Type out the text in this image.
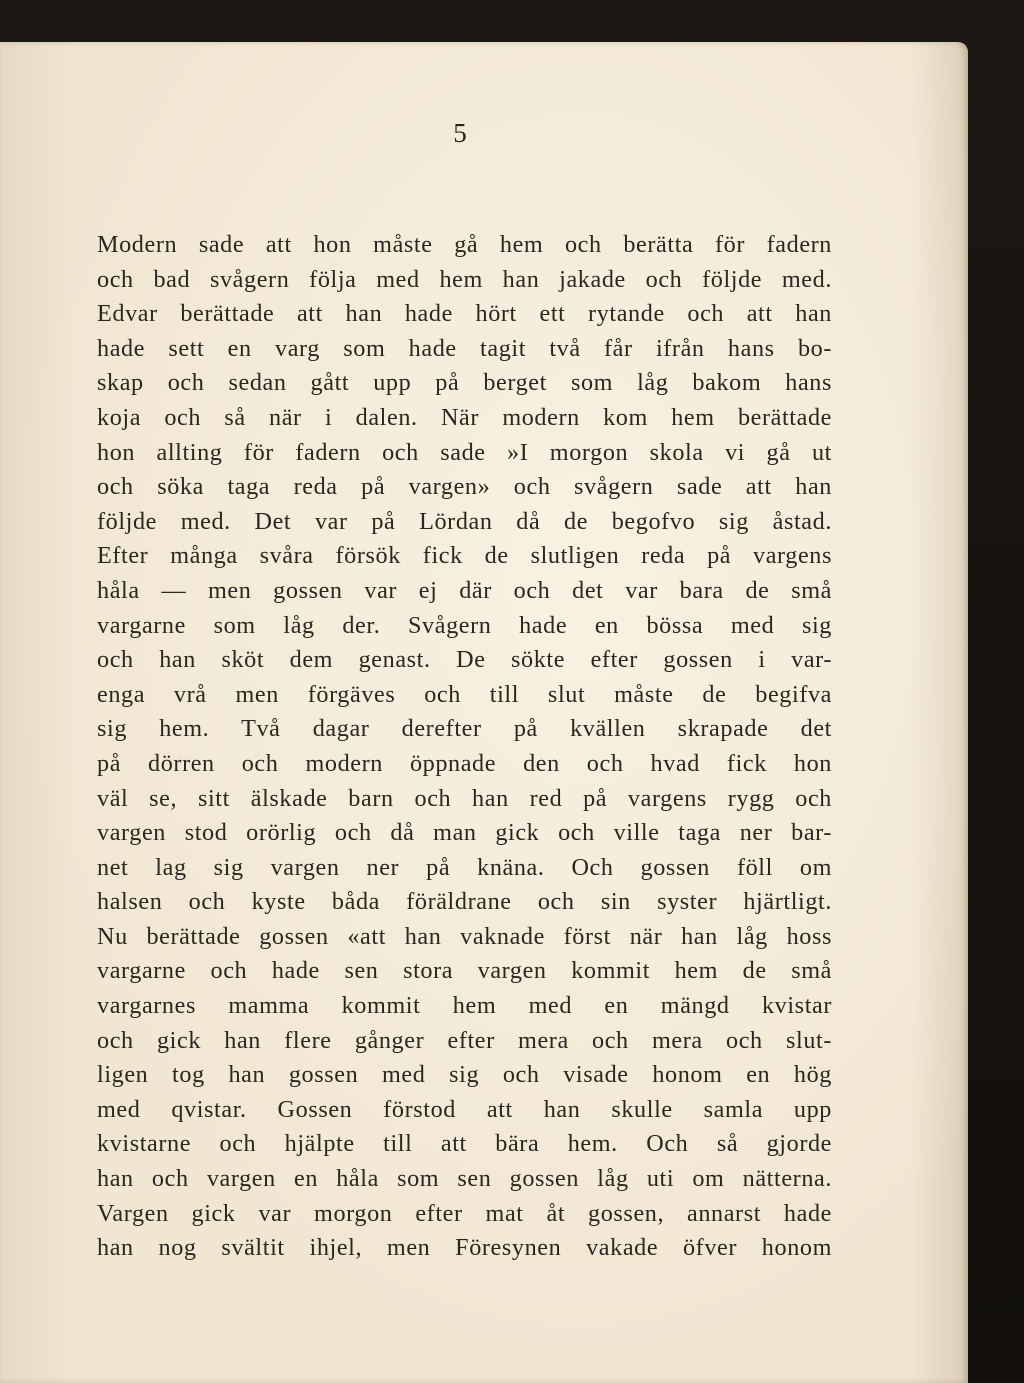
5
Modern sade att hon måste gå hem och berätta för fadern
och bad svågern följa med hem han jakade och följde med.
Edvar berättade att han hade hört ett rytande och att han
hade sett en varg som hade tagit två får ifrån hans bo-
skap och sedan gått upp på berget som låg bakom hans
koja och så när i dalen. När modern kom hem berättade
hon allting för fadern och sade »I morgon skola vi gå ut
och söka taga reda på vargen» och svågern sade att han
följde med. Det var på Lördan då de begofvo sig åstad.
Efter många svåra försök fick de slutligen reda på vargens
håla — men gossen var ej där och det var bara de små
vargarne som låg der. Svågern hade en bössa med sig
och han sköt dem genast. De sökte efter gossen i var-
enga vrå men förgäves och till slut måste de begifva
sig hem. Två dagar derefter på kvällen skrapade det
på dörren och modern öppnade den och hvad fick hon
väl se, sitt älskade barn och han red på vargens rygg och
vargen stod orörlig och då man gick och ville taga ner bar-
net lag sig vargen ner på knäna. Och gossen föll om
halsen och kyste båda föräldrane och sin syster hjärtligt.
Nu berättade gossen «att han vaknade först när han låg hoss
vargarne och hade sen stora vargen kommit hem de små
vargarnes mamma kommit hem med en mängd kvistar
och gick han flere gånger efter mera och mera och slut-
ligen tog han gossen med sig och visade honom en hög
med qvistar. Gossen förstod att han skulle samla upp
kvistarne och hjälpte till att bära hem. Och så gjorde
han och vargen en håla som sen gossen låg uti om nätterna.
Vargen gick var morgon efter mat åt gossen, annarst hade
han nog svältit ihjel, men Föresynen vakade öfver honom
